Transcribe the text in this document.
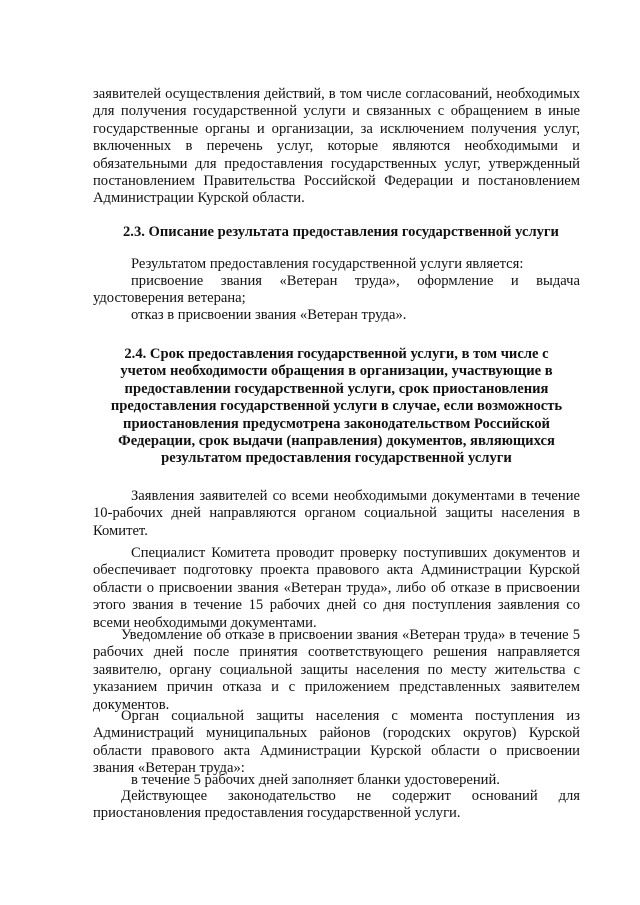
заявителей осуществления действий, в том числе согласований, необходимых для получения государственной услуги и связанных с обращением в иные государственные органы и организации, за исключением получения услуг, включенных в перечень услуг, которые являются необходимыми и обязательными для предоставления государственных услуг, утвержденный постановлением Правительства Российской Федерации и постановлением Администрации Курской области.

2.3. Описание результата предоставления государственной услуги

Результатом предоставления государственной услуги является:

присвоение звания «Ветеран труда», оформление и выдача удостоверения ветерана;

отказ в присвоении звания «Ветеран труда».

2.4. Срок предоставления государственной услуги, в том числе с
учетом необходимости обращения в организации, участвующие в
предоставлении государственной услуги, срок приостановления
предоставления государственной услуги в случае, если возможность
приостановления предусмотрена законодательством Российской
Федерации, срок выдачи (направления) документов, являющихся
результатом предоставления государственной услуги

Заявления заявителей со всеми необходимыми документами в течение 10-рабочих дней направляются органом социальной защиты населения в Комитет.

Специалист Комитета проводит проверку поступивших документов и обеспечивает подготовку проекта правового акта Администрации Курской области о присвоении звания «Ветеран труда», либо об отказе в присвоении этого звания в течение 15 рабочих дней со дня поступления заявления со всеми необходимыми документами.

Уведомление об отказе в присвоении звания «Ветеран труда» в течение 5 рабочих дней после принятия соответствующего решения направляется заявителю, органу социальной защиты населения по месту жительства с указанием причин отказа и с приложением представленных заявителем документов.

Орган социальной защиты населения с момента поступления из Администраций муниципальных районов (городских округов) Курской области правового акта Администрации Курской области о присвоении звания «Ветеран труда»:

в течение 5 рабочих дней заполняет бланки удостоверений.

Действующее законодательство не содержит оснований для приостановления предоставления государственной услуги.
